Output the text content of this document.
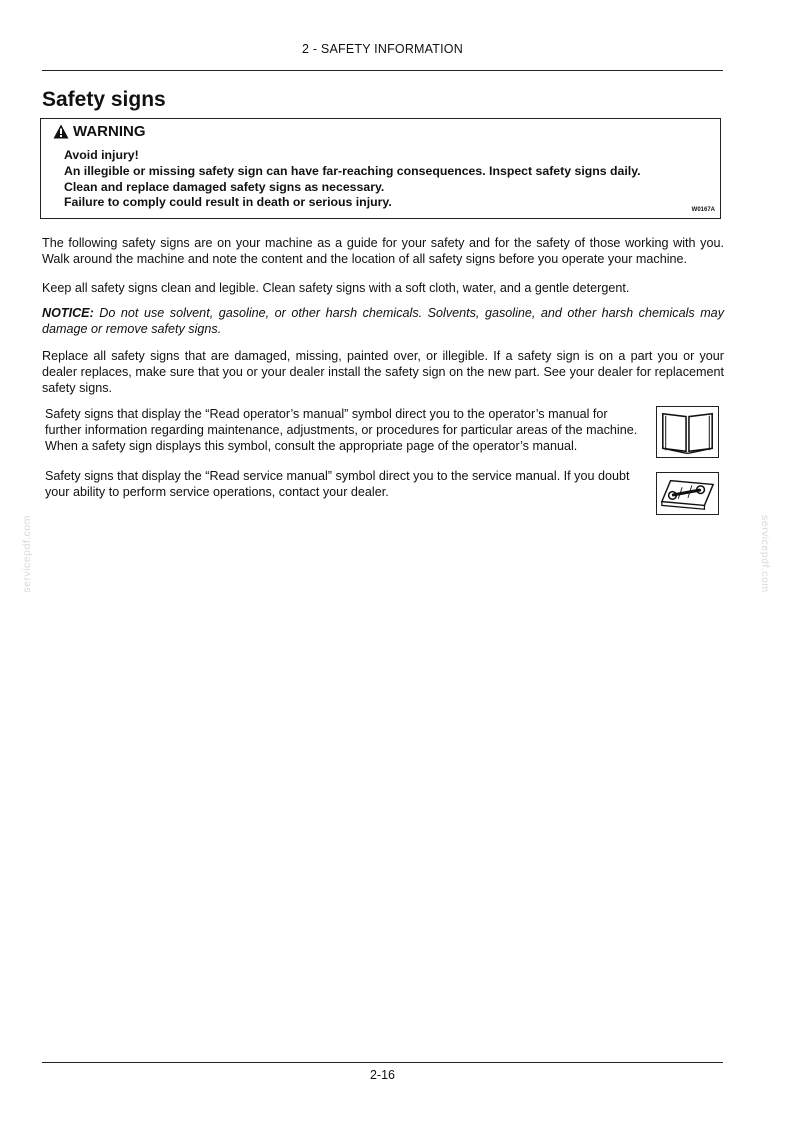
2 - SAFETY INFORMATION
Safety signs
WARNING
Avoid injury!
An illegible or missing safety sign can have far-reaching consequences. Inspect safety signs daily.
Clean and replace damaged safety signs as necessary.
Failure to comply could result in death or serious injury.
W0167A

The following safety signs are on your machine as a guide for your safety and for the safety of those working with you. Walk around the machine and note the content and the location of all safety signs before you operate your machine.

Keep all safety signs clean and legible. Clean safety signs with a soft cloth, water, and a gentle detergent.

NOTICE: Do not use solvent, gasoline, or other harsh chemicals. Solvents, gasoline, and other harsh chemicals may damage or remove safety signs.

Replace all safety signs that are damaged, missing, painted over, or illegible. If a safety sign is on a part you or your dealer replaces, make sure that you or your dealer install the safety sign on the new part. See your dealer for replacement safety signs.

Safety signs that display the “Read operator’s manual” symbol direct you to the operator’s manual for further information regarding maintenance, adjustments, or procedures for particular areas of the machine. When a safety sign displays this symbol, consult the appropriate page of the operator’s manual.

Safety signs that display the “Read service manual” symbol direct you to the service manual. If you doubt your ability to perform service operations, contact your dealer.

servicepdf.com	servicepdf.com
2-16
